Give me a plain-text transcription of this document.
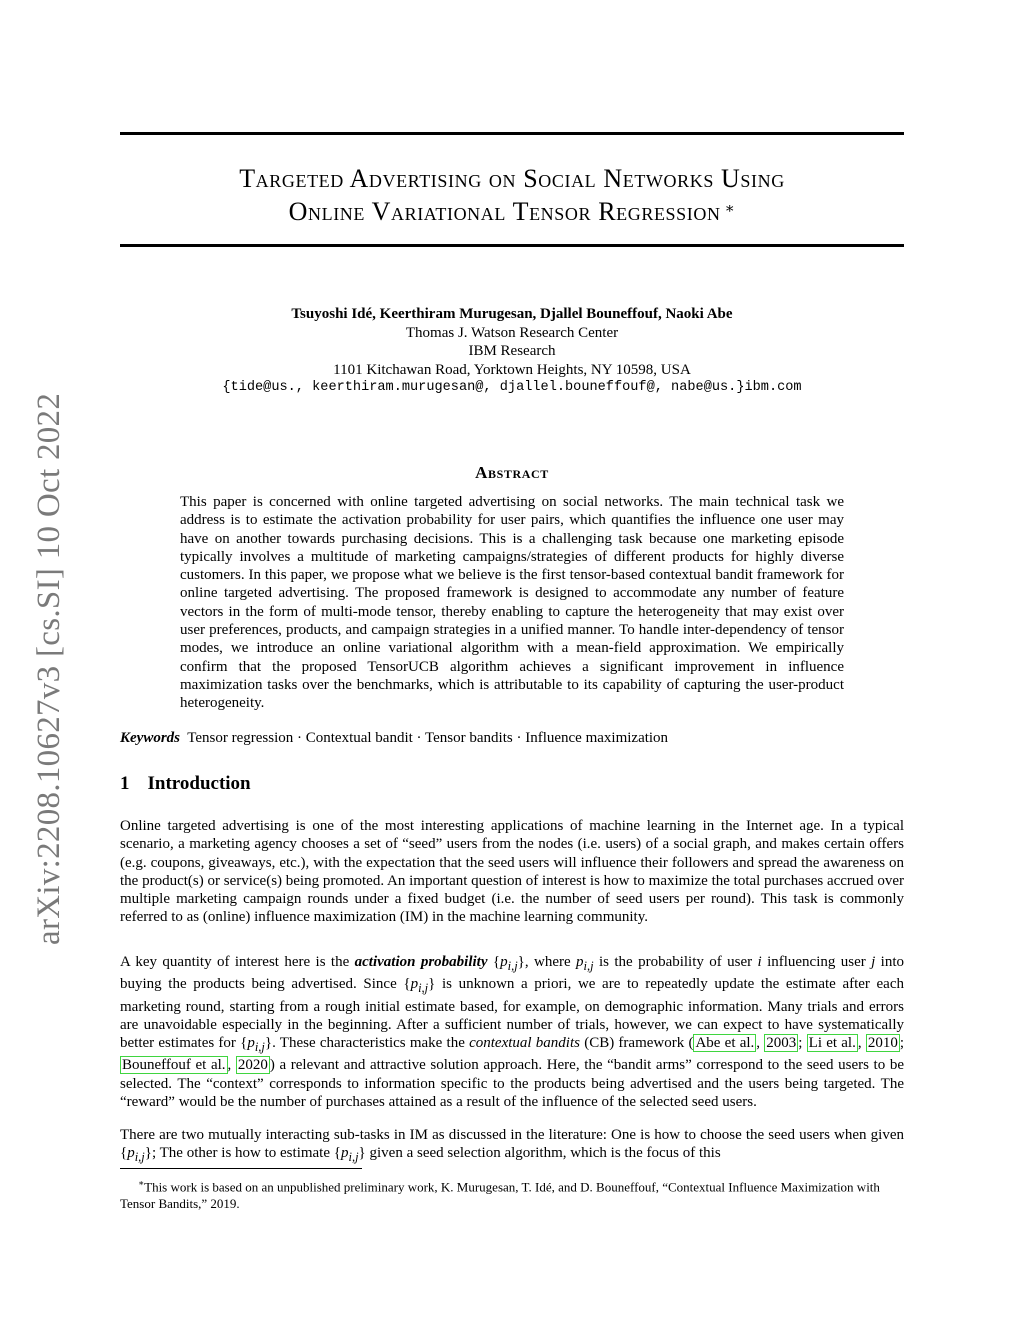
arXiv:2208.10627v3 [cs.SI] 10 Oct 2022
Targeted Advertising on Social Networks Using
Online Variational Tensor Regression ∗
Tsuyoshi Idé, Keerthiram Murugesan, Djallel Bouneffouf, Naoki Abe
Thomas J. Watson Research Center
IBM Research
1101 Kitchawan Road, Yorktown Heights, NY 10598, USA
{tide@us., keerthiram.murugesan@, djallel.bouneffouf@, nabe@us.}ibm.com
Abstract
This paper is concerned with online targeted advertising on social networks. The main technical task we address is to estimate the activation probability for user pairs, which quantifies the influence one user may have on another towards purchasing decisions. This is a challenging task because one marketing episode typically involves a multitude of marketing campaigns/strategies of different products for highly diverse customers. In this paper, we propose what we believe is the first tensor-based contextual bandit framework for online targeted advertising. The proposed framework is designed to accommodate any number of feature vectors in the form of multi-mode tensor, thereby enabling to capture the heterogeneity that may exist over user preferences, products, and campaign strategies in a unified manner. To handle inter-dependency of tensor modes, we introduce an online variational algorithm with a mean-field approximation. We empirically confirm that the proposed TensorUCB algorithm achieves a significant improvement in influence maximization tasks over the benchmarks, which is attributable to its capability of capturing the user-product heterogeneity.
Keywords Tensor regression · Contextual bandit · Tensor bandits · Influence maximization
1 Introduction
Online targeted advertising is one of the most interesting applications of machine learning in the Internet age. In a typical scenario, a marketing agency chooses a set of “seed” users from the nodes (i.e. users) of a social graph, and makes certain offers (e.g. coupons, giveaways, etc.), with the expectation that the seed users will influence their followers and spread the awareness on the product(s) or service(s) being promoted. An important question of interest is how to maximize the total purchases accrued over multiple marketing campaign rounds under a fixed budget (i.e. the number of seed users per round). This task is commonly referred to as (online) influence maximization (IM) in the machine learning community.
A key quantity of interest here is the activation probability $\{p_{i,j}\}$, where $p_{i,j}$ is the probability of user i influencing user j into buying the products being advertised. Since $\{p_{i,j}\}$ is unknown a priori, we are to repeatedly update the estimate after each marketing round, starting from a rough initial estimate based, for example, on demographic information. Many trials and errors are unavoidable especially in the beginning. After a sufficient number of trials, however, we can expect to have systematically better estimates for $\{p_{i,j}\}$. These characteristics make the contextual bandits (CB) framework ( Abe et al. , 2003 ; Li et al. , 2010 ; Bouneffouf et al. , 2020 ) a relevant and attractive solution approach. Here, the “bandit arms” correspond to the seed users to be selected. The “context” corresponds to information specific to the products being advertised and the users being targeted. The “reward” would be the number of purchases attained as a result of the influence of the selected seed users.
There are two mutually interacting sub-tasks in IM as discussed in the literature: One is how to choose the seed users when given $\{p_{i,j}\}$; The other is how to estimate $\{p_{i,j}\}$ given a seed selection algorithm, which is the focus of this
∗This work is based on an unpublished preliminary work, K. Murugesan, T. Idé, and D. Bouneffouf, “Contextual Influence Maximization with Tensor Bandits,” 2019.
